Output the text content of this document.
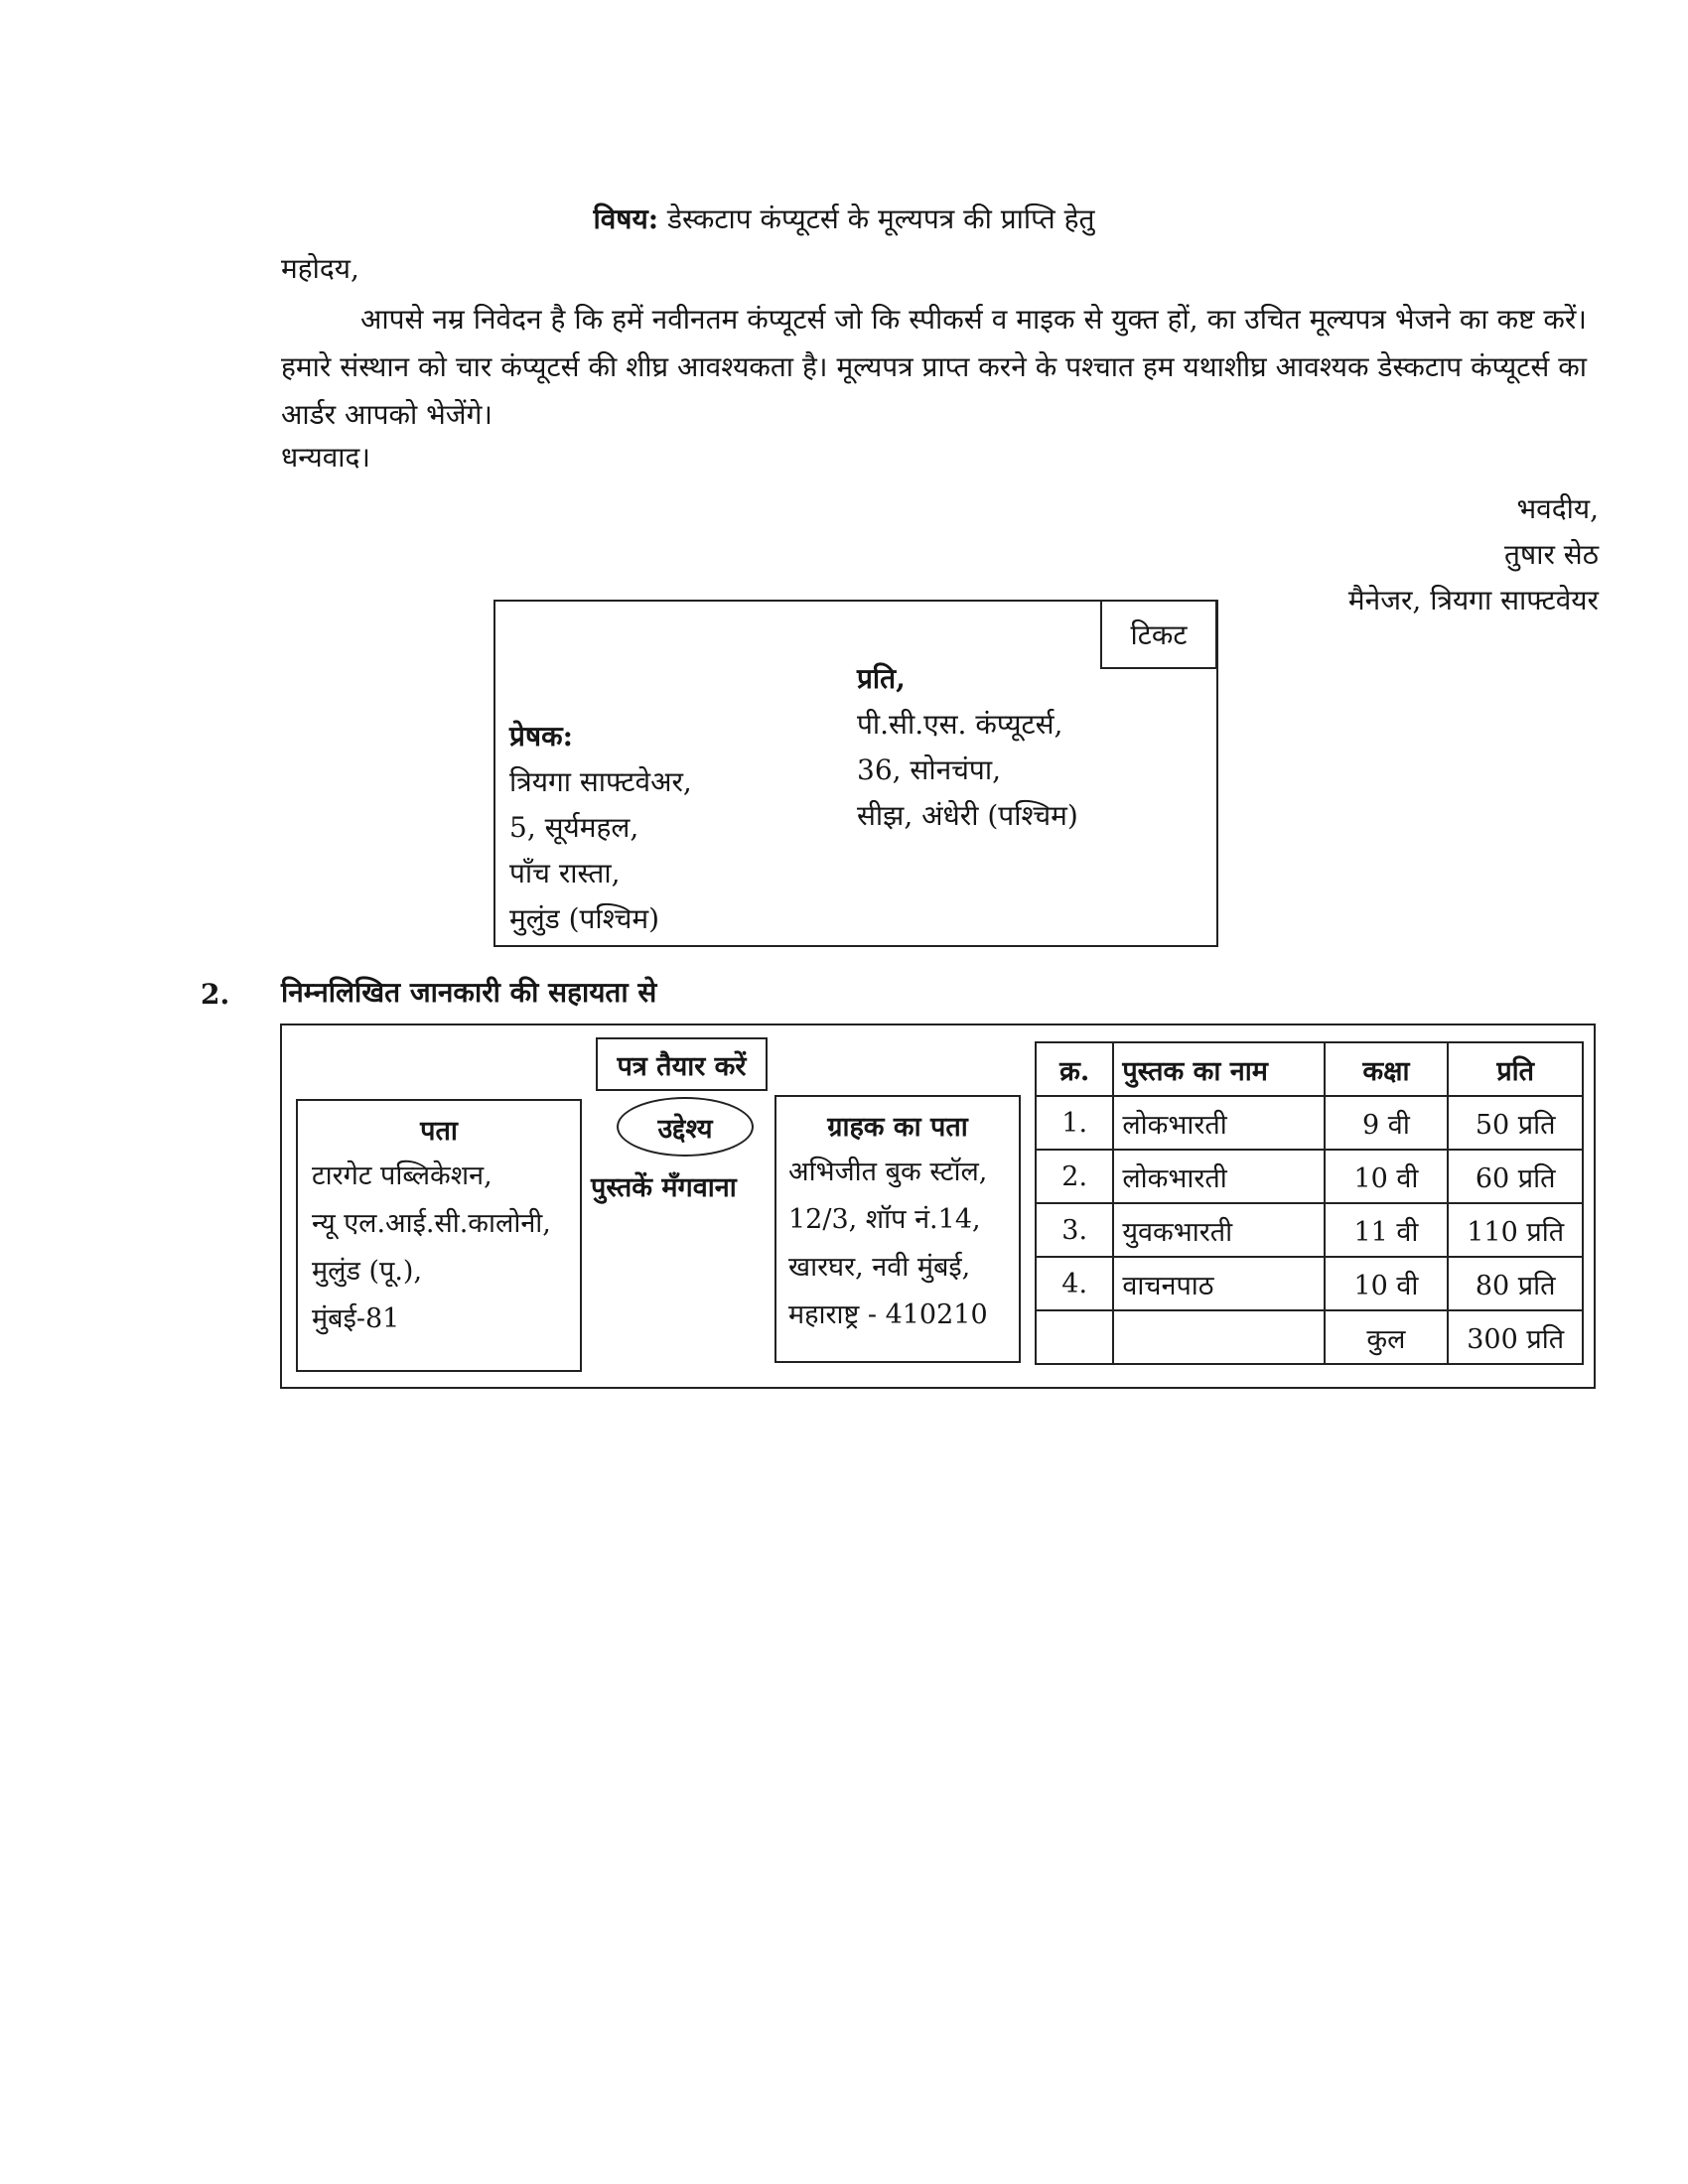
विषय: डेस्कटाप कंप्यूटर्स के मूल्यपत्र की प्राप्ति हेतु
महोदय,
आपसे नम्र निवेदन है कि हमें नवीनतम कंप्यूटर्स जो कि स्पीकर्स व माइक से युक्त हों, का उचित मूल्यपत्र भेजने का कष्ट करें। हमारे संस्थान को चार कंप्यूटर्स की शीघ्र आवश्यकता है। मूल्यपत्र प्राप्त करने के पश्चात हम यथाशीघ्र आवश्यक डेस्कटाप कंप्यूटर्स का आर्डर आपको भेजेंगे।
धन्यवाद।
भवदीय,
तुषार सेठ
मैनेजर, त्रियगा साफ्टवेयर
टिकट
प्रति,
पी.सी.एस. कंप्यूटर्स,
36, सोनचंपा,
सीझ, अंधेरी (पश्चिम)
प्रेषक:
त्रियगा साफ्टवेअर,
5, सूर्यमहल,
पाँच रास्ता,
मुलुंड (पश्चिम)
2. निम्नलिखित जानकारी की सहायता से
पत्र तैयार करें
पता
टारगेट पब्लिकेशन,
न्यू एल.आई.सी.कालोनी,
मुलुंड (पू.),
मुंबई-81
उद्देश्य
पुस्तकें मँगवाना
ग्राहक का पता
अभिजीत बुक स्टॉल,
12/3, शॉप नं.14,
खारघर, नवी मुंबई,
महाराष्ट्र - 410210
क्र.	पुस्तक का नाम	कक्षा	प्रति
1.	लोकभारती	9 वी	50 प्रति
2.	लोकभारती	10 वी	60 प्रति
3.	युवकभारती	11 वी	110 प्रति
4.	वाचनपाठ	10 वी	80 प्रति
		कुल	300 प्रति
